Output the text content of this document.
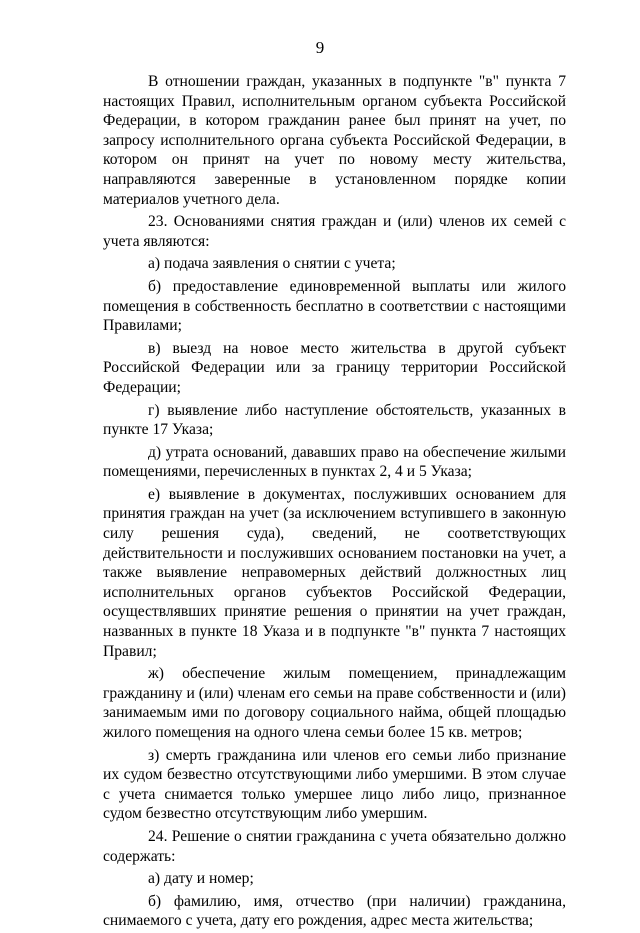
9

В отношении граждан, указанных в подпункте "в" пункта 7 настоящих Правил, исполнительным органом субъекта Российской Федерации, в котором гражданин ранее был принят на учет, по запросу исполнительного органа субъекта Российской Федерации, в котором он принят на учет по новому месту жительства, направляются заверенные в установленном порядке копии материалов учетного дела.

23. Основаниями снятия граждан и (или) членов их семей с учета являются:

а) подача заявления о снятии с учета;

б) предоставление единовременной выплаты или жилого помещения в собственность бесплатно в соответствии с настоящими Правилами;

в) выезд на новое место жительства в другой субъект Российской Федерации или за границу территории Российской Федерации;

г) выявление либо наступление обстоятельств, указанных в пункте 17 Указа;

д) утрата оснований, дававших право на обеспечение жилыми помещениями, перечисленных в пунктах 2, 4 и 5 Указа;

е) выявление в документах, послуживших основанием для принятия граждан на учет (за исключением вступившего в законную силу решения суда), сведений, не соответствующих действительности и послуживших основанием постановки на учет, а также выявление неправомерных действий должностных лиц исполнительных органов субъектов Российской Федерации, осуществлявших принятие решения о принятии на учет граждан, названных в пункте 18 Указа и в подпункте "в" пункта 7 настоящих Правил;

ж) обеспечение жилым помещением, принадлежащим гражданину и (или) членам его семьи на праве собственности и (или) занимаемым ими по договору социального найма, общей площадью жилого помещения на одного члена семьи более 15 кв. метров;

з) смерть гражданина или членов его семьи либо признание их судом безвестно отсутствующими либо умершими. В этом случае с учета снимается только умершее лицо либо лицо, признанное судом безвестно отсутствующим либо умершим.

24. Решение о снятии гражданина с учета обязательно должно содержать:

а) дату и номер;

б) фамилию, имя, отчество (при наличии) гражданина, снимаемого с учета, дату его рождения, адрес места жительства;
